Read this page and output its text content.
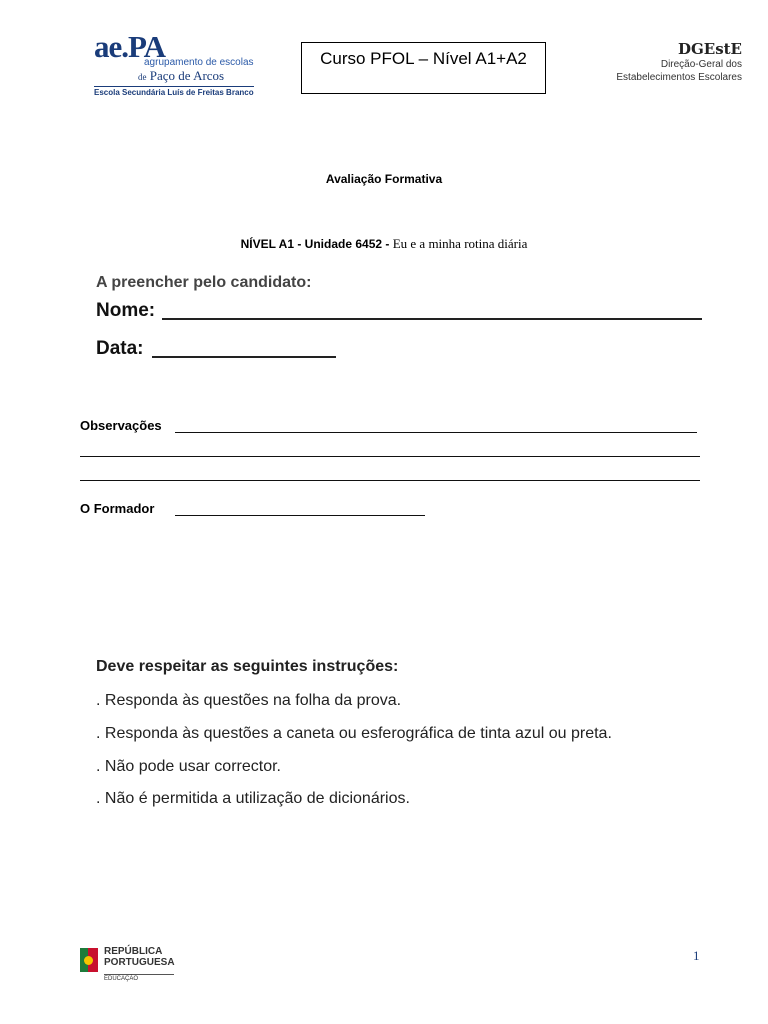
ae.PA
agrupamento de escolas
de Paço de Arcos
Escola Secundária Luís de Freitas Branco
Curso PFOL – Nível A1+A2	DGEstE
Direção-Geral dos
Estabelecimentos Escolares
Avaliação Formativa
NÍVEL A1 - Unidade 6452 - Eu e a minha rotina diária
A preencher pelo candidato:
Nome:
Data:
Observações
O Formador
Deve respeitar as seguintes instruções:
. Responda às questões na folha da prova.
. Responda às questões a caneta ou esferográfica de tinta azul ou preta.
. Não pode usar corrector.
. Não é permitida a utilização de dicionários.
REPÚBLICA
PORTUGUESA
EDUCAÇÃO
1
